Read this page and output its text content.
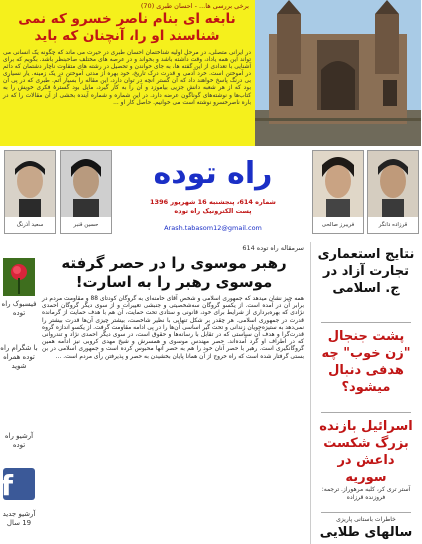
برخی بررسی ها... - احسان طبری (70)
نابغه ای بنام ناصر خسرو که نمی شناسند او را، آنچنان که باید
در ایرانی متصلی، در مرحلِ اولیه شناختمان احسان طبری در حیرت می ماند که چگونه یک انسانی می تواند این همه یاداد، وقت داشته باشد و بخواند و در عرصه های مختلف صاحبنظر باشد. بگویم که برای آشنایی با تعدادی از این گفته ها، به جای خواندن و تحصیل در رشته های متفاوت ناچار دشتمان که دائم در آموختن است. خرد آدمی و قدرت درک تاریخ، خود بهره از مدتی آموختن در یک زمینه. یار نسیاری بی درنگ پاسخ خواهند داد که آن گستر آنچه در توان دارد، این مقاله را بسیار آتم. طبری که در پی آن بود که از هر شعبه دانش جزیی بیاموزد و آن را به کار گیرد، مایل بود گسترهٔ فکری خویش را به کتاب‌ها و نوشته‌های گوناگون عرضه دارد. در این شماره و شماره آینده بخشی از آن مقالات را که در باره ناصرخسرو نوشته است می خوانیم. حاصل کار او ...
سعید آذرنگ	حسین قنبر
راه توده
شماره 614، پنجشنبه 16 شهریور 1396
پست الکترونیک راه توده
Arash.tabasom12@gmail.com	فریبرز صالحی	قرزاده دانگر
فیسبوک راه توده
با شگرام راه توده همراه شوید
آرشیو راه توده
f
آرشیو جدید 19 سال
سرمقاله راه توده 614
رهبر موسوی را در حصر گرفته موسوی رهبر را به اسارت!
همه چیز نشان میدهد که جمهوری اسلامی و شخص آقای خامنه‌ای به گروگان کودتای 88 و مقاومت مردم در برابر آن در آمده است. از یکسو گروگان سه‌شخصیتی و جنبشی تغییرات و از سوی دیگر گروگان احمدی نژادی که بهره‌برداری از شرایط برای خود، قانونی و ستادی تحت حمایت، آن هم با هدف حمایت از گرمانده قدرت در جمهوری اسلامی. هر چقدر بر شکل تنهایی با نظیر شاخصت، بیشتر چیزی آن‌ها قدرت بیشتر را نمی‌دهد به ستیزه‌جویان زندانی و تحت گیر اساسی آن‌ها را در پی ادامه مقاومت گرفت. از یکسو اندازه گروه قدرت‌گرا و هدف آن سیاستی که در تقابل با رسانه‌ها و حقوق است، در سوی دیگر احمدی نژاد و تندروانی که در اطراف او گرد آمده‌اند. حصر مهندس موسوی و همسرش و شیخ مهدی کروبی نیز ادامه همین گروگانگیری است. رهبر با حصر آنان خود را هم به حصر آنها محبوس کرده است و جمهوری اسلامی در بن بستی گرفتار شده است که راه خروج از آن همانا پایان بخشیدن به حصر و پذیرفتن رأی مردم است. ...
نتایج استعماری تجارت آزاد در ج. اسلامی
پشت جنجال "زن خوب" چه هدفی دنبال میشود؟
اسرائیل بازنده بزرگ شکست داعش در سوریه
آستر تری کر، کلبه مرهوراز. ترجمه: فروزنده قرزاده
خاطرات باستانی پاریزی
سالهای طلایی
